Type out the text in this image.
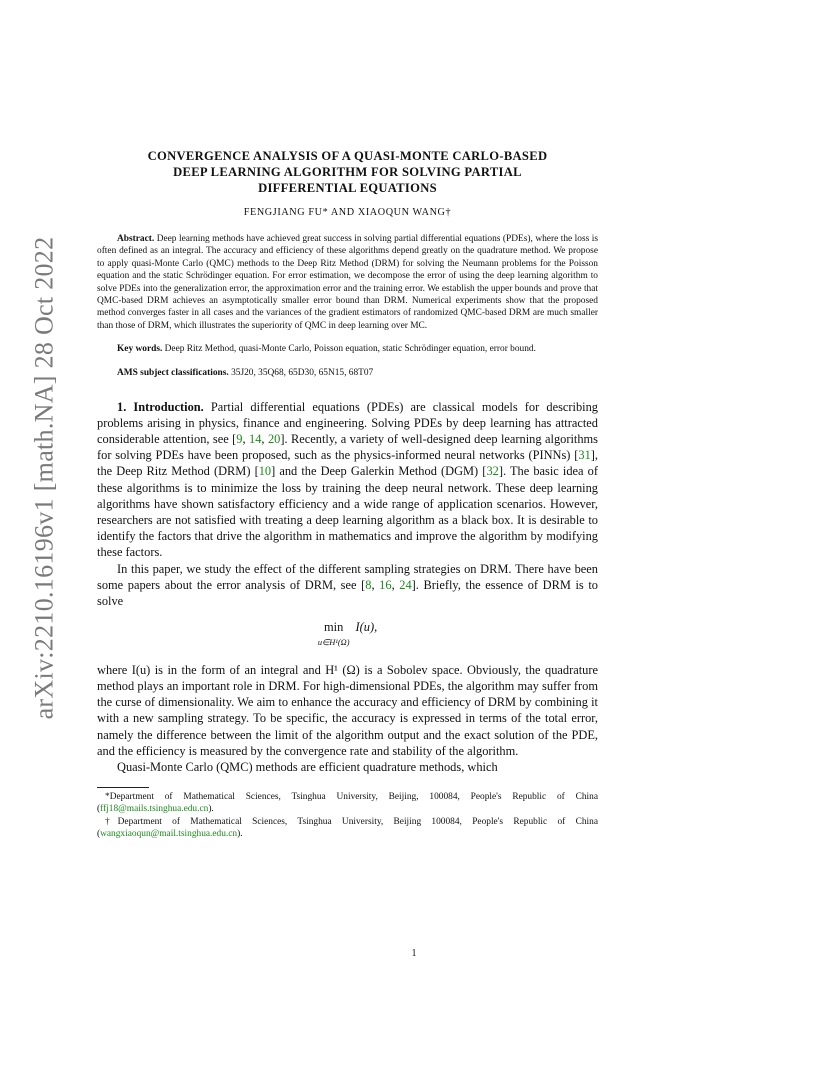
arXiv:2210.16196v1 [math.NA] 28 Oct 2022
CONVERGENCE ANALYSIS OF A QUASI-MONTE CARLO-BASED
DEEP LEARNING ALGORITHM FOR SOLVING PARTIAL
DIFFERENTIAL EQUATIONS
FENGJIANG FU* AND XIAOQUN WANG†

Abstract. Deep learning methods have achieved great success in solving partial differential equations (PDEs), where the loss is often defined as an integral. The accuracy and efficiency of these algorithms depend greatly on the quadrature method. We propose to apply quasi-Monte Carlo (QMC) methods to the Deep Ritz Method (DRM) for solving the Neumann problems for the Poisson equation and the static Schrödinger equation. For error estimation, we decompose the error of using the deep learning algorithm to solve PDEs into the generalization error, the approximation error and the training error. We establish the upper bounds and prove that QMC-based DRM achieves an asymptotically smaller error bound than DRM. Numerical experiments show that the proposed method converges faster in all cases and the variances of the gradient estimators of randomized QMC-based DRM are much smaller than those of DRM, which illustrates the superiority of QMC in deep learning over MC.

Key words. Deep Ritz Method, quasi-Monte Carlo, Poisson equation, static Schrödinger equation, error bound.

AMS subject classifications. 35J20, 35Q68, 65D30, 65N15, 68T07

1. Introduction. Partial differential equations (PDEs) are classical models for describing problems arising in physics, finance and engineering. Solving PDEs by deep learning has attracted considerable attention, see [9, 14, 20]. Recently, a variety of well-designed deep learning algorithms for solving PDEs have been proposed, such as the physics-informed neural networks (PINNs) [31], the Deep Ritz Method (DRM) [10] and the Deep Galerkin Method (DGM) [32]. The basic idea of these algorithms is to minimize the loss by training the deep neural network. These deep learning algorithms have shown satisfactory efficiency and a wide range of application scenarios. However, researchers are not satisfied with treating a deep learning algorithm as a black box. It is desirable to identify the factors that drive the algorithm in mathematics and improve the algorithm by modifying these factors.

In this paper, we study the effect of the different sampling strategies on DRM. There have been some papers about the error analysis of DRM, see [8, 16, 24]. Briefly, the essence of DRM is to solve

min
u∈H¹(Ω)
I(u),

where I(u) is in the form of an integral and H¹ (Ω) is a Sobolev space. Obviously, the quadrature method plays an important role in DRM. For high-dimensional PDEs, the algorithm may suffer from the curse of dimensionality. We aim to enhance the accuracy and efficiency of DRM by combining it with a new sampling strategy. To be specific, the accuracy is expressed in terms of the total error, namely the difference between the limit of the algorithm output and the exact solution of the PDE, and the efficiency is measured by the convergence rate and stability of the algorithm.

Quasi-Monte Carlo (QMC) methods are efficient quadrature methods, which

*Department of Mathematical Sciences, Tsinghua University, Beijing, 100084, People's Republic of China (ffj18@mails.tsinghua.edu.cn).

†Department of Mathematical Sciences, Tsinghua University, Beijing 100084, People's Republic of China (wangxiaoqun@mail.tsinghua.edu.cn).

1
